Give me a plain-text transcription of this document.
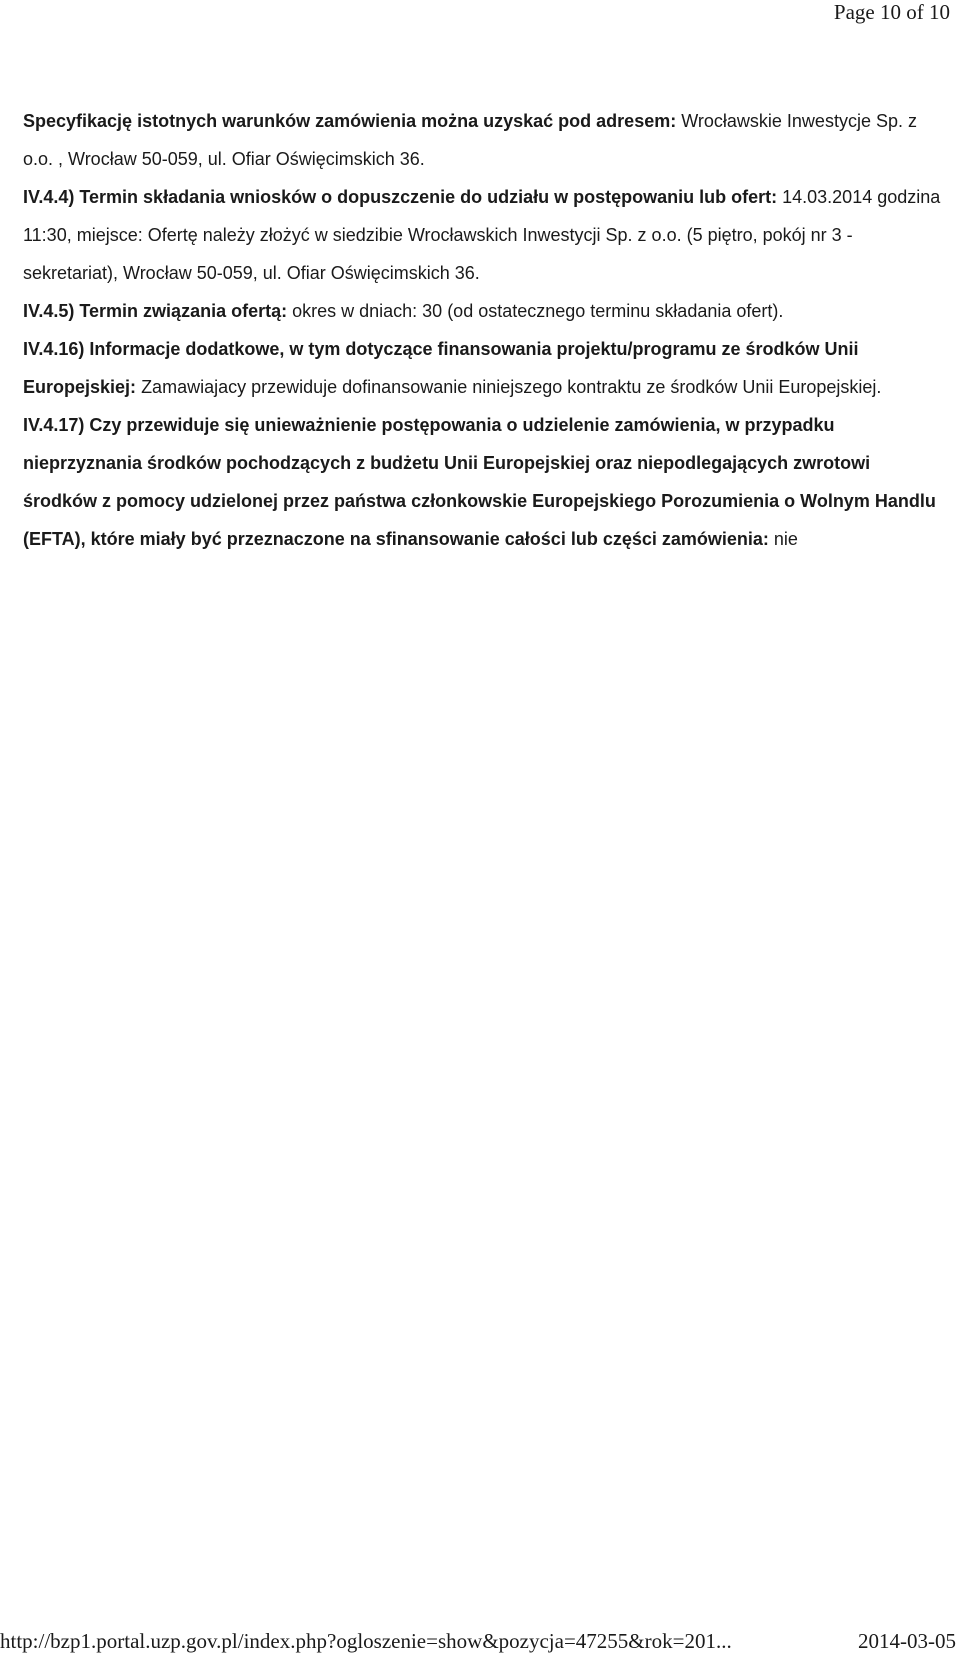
Page 10 of 10

Specyfikację istotnych warunków zamówienia można uzyskać pod adresem: Wrocławskie Inwestycje Sp. z o.o. , Wrocław 50-059, ul. Ofiar Oświęcimskich 36.

IV.4.4) Termin składania wniosków o dopuszczenie do udziału w postępowaniu lub ofert: 14.03.2014 godzina 11:30, miejsce: Ofertę należy złożyć w siedzibie Wrocławskich Inwestycji Sp. z o.o. (5 piętro, pokój nr 3 - sekretariat), Wrocław 50-059, ul. Ofiar Oświęcimskich 36.

IV.4.5) Termin związania ofertą: okres w dniach: 30 (od ostatecznego terminu składania ofert).

IV.4.16) Informacje dodatkowe, w tym dotyczące finansowania projektu/programu ze środków Unii Europejskiej: Zamawiajacy przewiduje dofinansowanie niniejszego kontraktu ze środków Unii Europejskiej.

IV.4.17) Czy przewiduje się unieważnienie postępowania o udzielenie zamówienia, w przypadku nieprzyznania środków pochodzących z budżetu Unii Europejskiej oraz niepodlegających zwrotowi środków z pomocy udzielonej przez państwa członkowskie Europejskiego Porozumienia o Wolnym Handlu (EFTA), które miały być przeznaczone na sfinansowanie całości lub części zamówienia: nie

http://bzp1.portal.uzp.gov.pl/index.php?ogloszenie=show&pozycja=47255&rok=201...	2014-03-05
